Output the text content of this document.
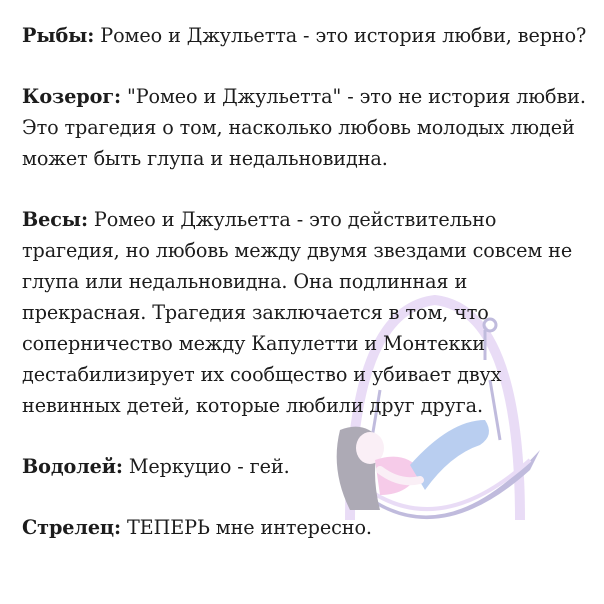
Рыбы: Ромео и Джульетта - это история любви, верно?

Козерог: "Ромео и Джульетта" - это не история любви. Это трагедия о том, насколько любовь молодых людей может быть глупа и недальновидна.

Весы: Ромео и Джульетта - это действительно трагедия, но любовь между двумя звездами совсем не глупа или недальновидна. Она подлинная и прекрасная. Трагедия заключается в том, что соперничество между Капулетти и Монтекки дестабилизирует их сообщество и убивает двух невинных детей, которые любили друг друга.

Водолей: Меркуцио - гей.

Стрелец: ТЕПЕРЬ мне интересно.
